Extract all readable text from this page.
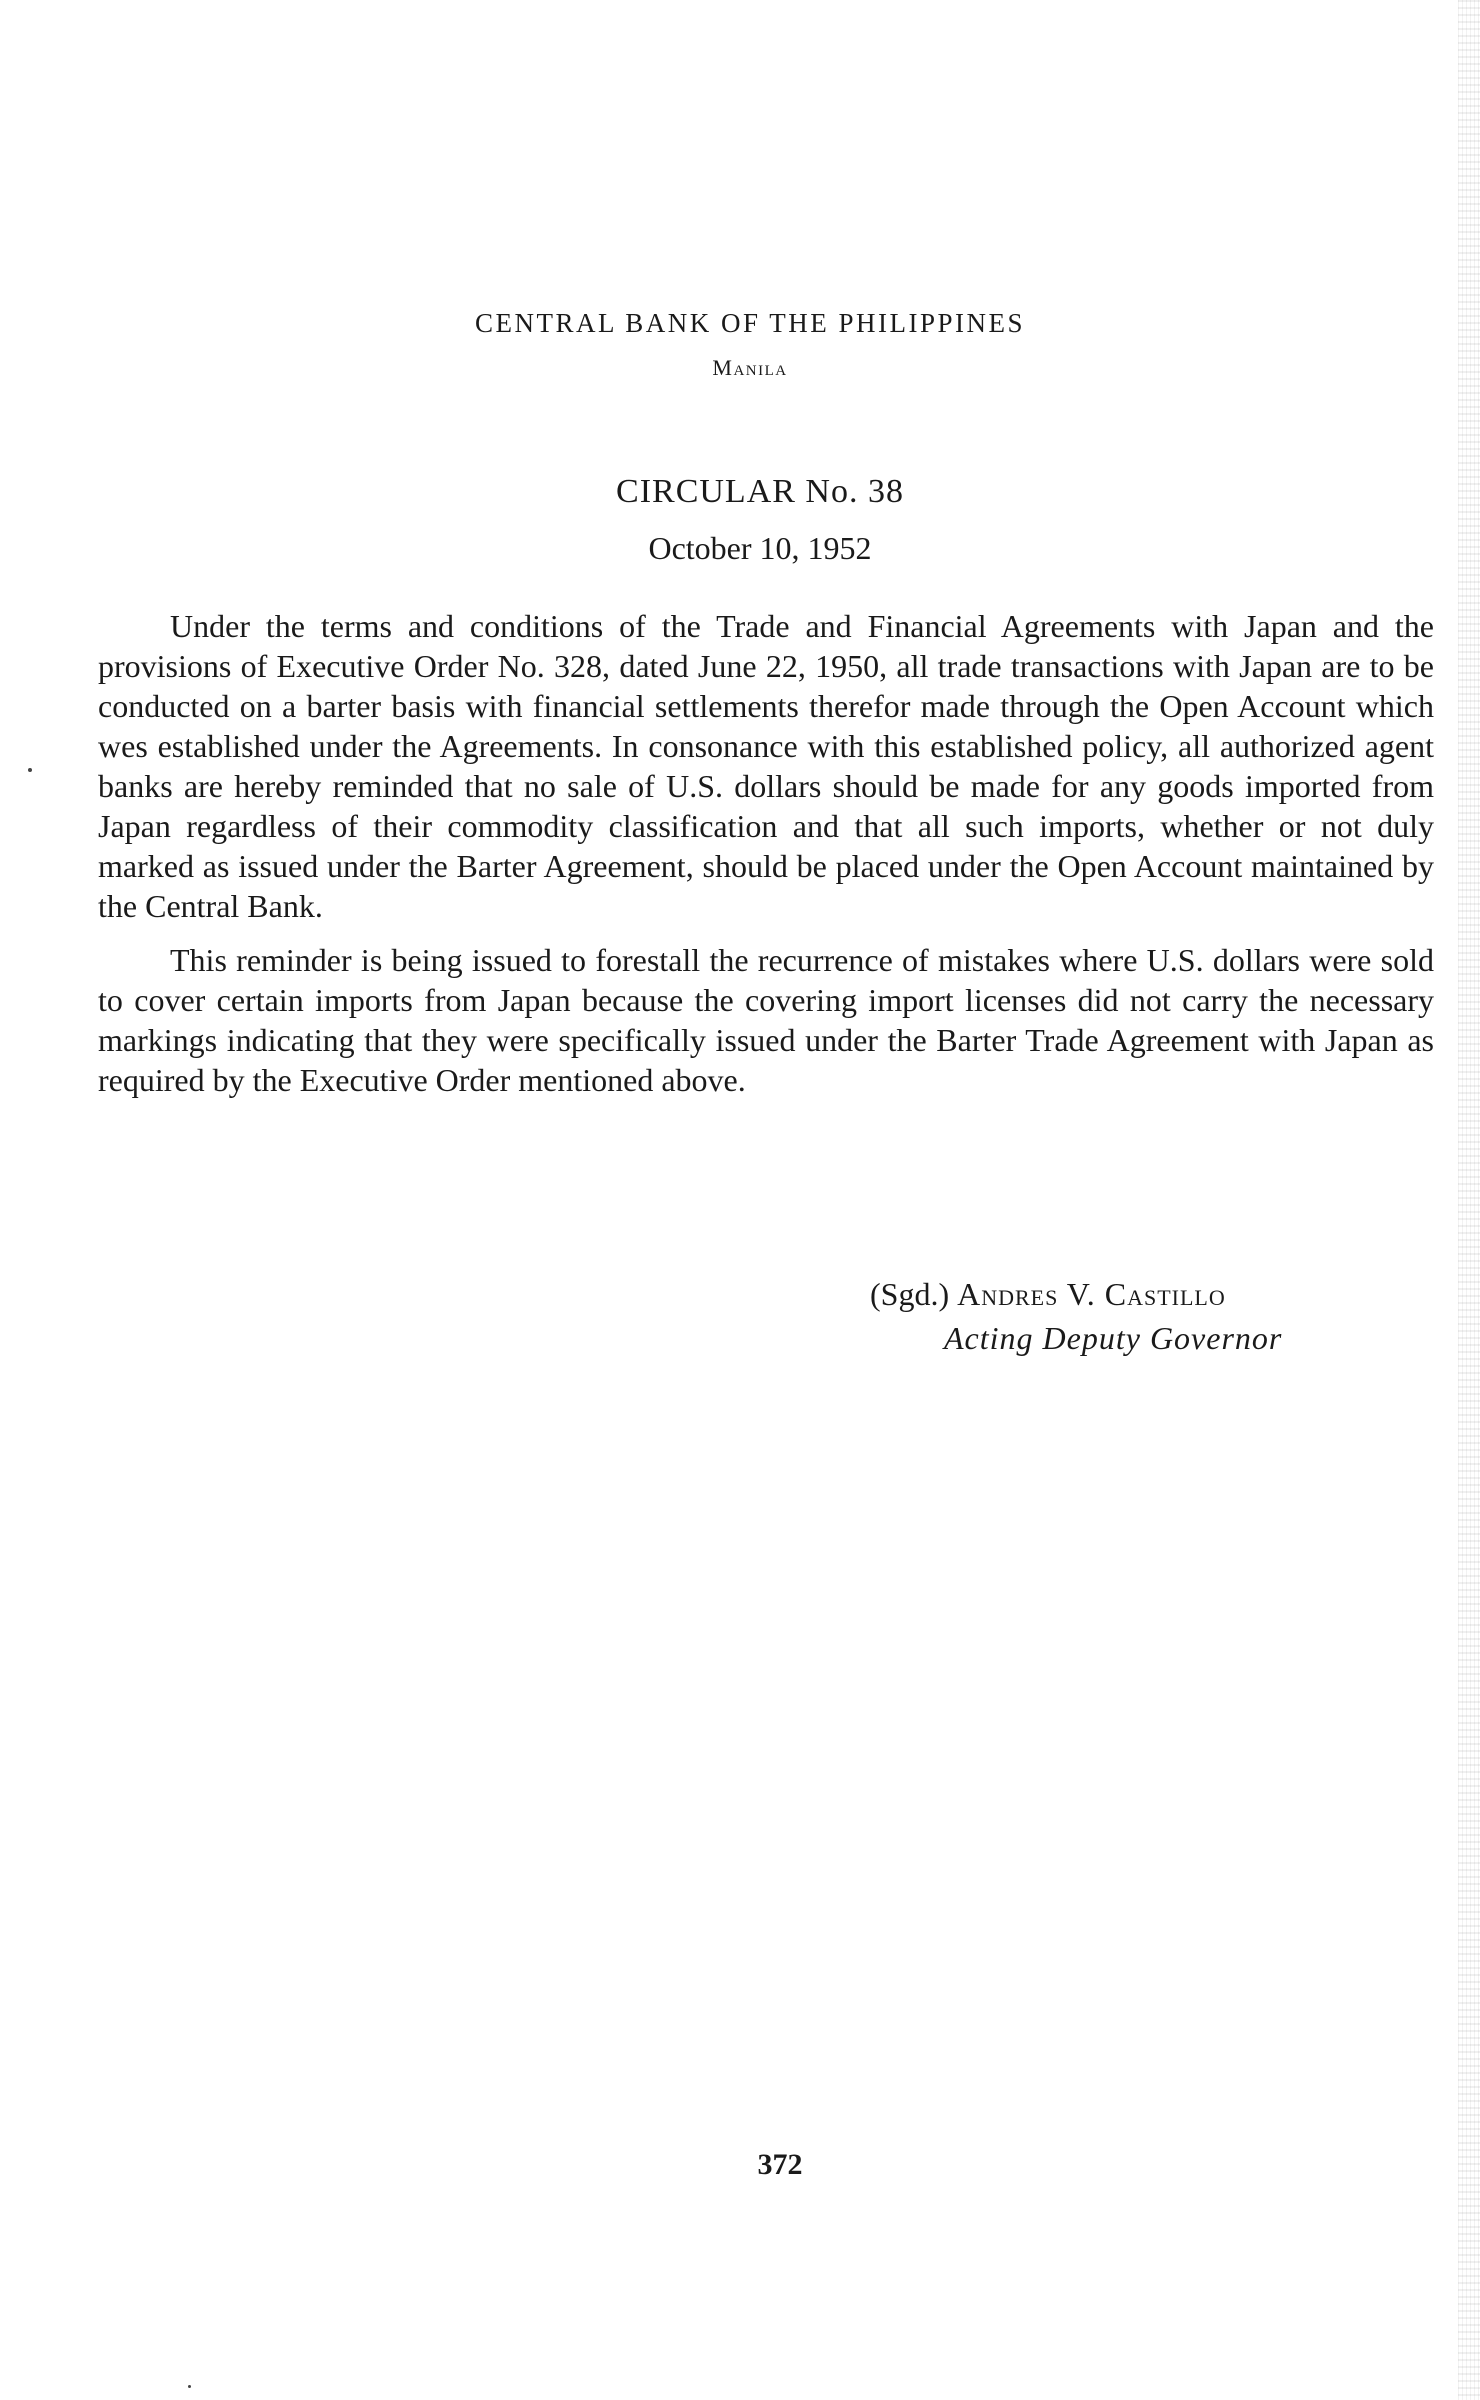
CENTRAL BANK OF THE PHILIPPINES
Manila
CIRCULAR No. 38
October 10, 1952

Under the terms and conditions of the Trade and Financial Agreements with Japan and the provisions of Executive Order No. 328, dated June 22, 1950, all trade transactions with Japan are to be conducted on a barter basis with financial settlements therefor made through the Open Account which wes established under the Agreements. In consonance with this established policy, all authorized agent banks are hereby reminded that no sale of U.S. dollars should be made for any goods imported from Japan regardless of their commodity classification and that all such imports, whether or not duly marked as issued under the Barter Agreement, should be placed under the Open Account maintained by the Central Bank.

This reminder is being issued to forestall the recurrence of mistakes where U.S. dollars were sold to cover certain imports from Japan because the covering import licenses did not carry the necessary markings indicating that they were specifically issued under the Barter Trade Agreement with Japan as required by the Executive Order mentioned above.

(Sgd.) Andres V. Castillo
Acting Deputy Governor
372
